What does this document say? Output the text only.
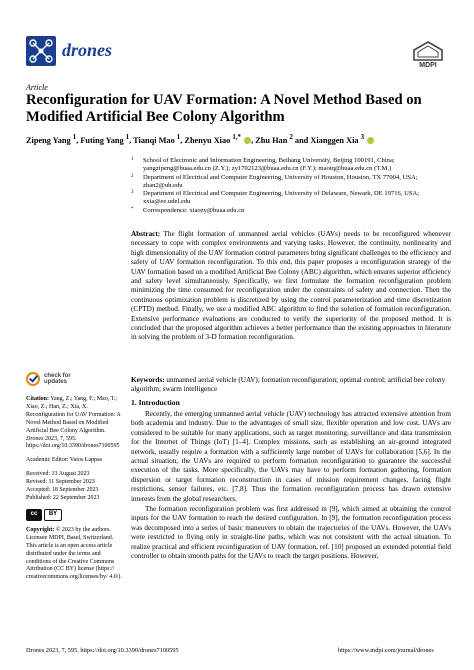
drones
MDPI
Article
Reconfiguration for UAV Formation: A Novel Method Based on Modified Artificial Bee Colony Algorithm
Zipeng Yang $^1$, Futing Yang $^1$, Tianqi Mao $^1$, Zhenyu Xiao $^{1,*}$ , Zhu Han $^2$ and Xianggen Xia $^3$
1 School of Electronic and Information Engineering, Beihang University, Beijing 100191, China; yangzipeng@buaa.edu.cn (Z.Y.); zy1702123@buaa.edu.cn (F.Y.); maotq@buaa.edu.cn (T.M.)
2 Department of Electrical and Computer Engineering, University of Houston, Houston, TX 77004, USA; zhan2@uh.edu
3 Department of Electrical and Computer Engineering, University of Delaware, Newark, DE 19716, USA; xxia@ee.udel.edu
* Correspondence: xiaozy@buaa.edu.cn
Abstract: The flight formation of unmanned aerial vehicles (UAVs) needs to be reconfigured whenever necessary to cope with complex environments and varying tasks. However, the continuity, nonlinearity and high dimensionality of the UAV formation control parameters bring significant challenges to the efficiency and safety of UAV formation reconfiguration. To this end, this paper proposes a reconfiguration strategy of the UAV formation based on a modified Artificial Bee Colony (ABC) algorithm, which ensures superior efficiency and safety level simultaneously. Specifically, we first formulate the formation reconfiguration problem minimizing the time consumed for reconfiguration under the constraints of safety and connection. Then the continuous optimization problem is discretized by using the control parameterization and time discretization (CPTD) method. Finally, we use a modified ABC algorithm to find the solution of formation reconfiguration. Extensive performance evaluations are conducted to verify the superiority of the proposed method. It is concluded that the proposed algorithm achieves a better performance than the existing approaches in literature in solving the problem of 3-D formation reconfiguration.
Keywords: unmanned aerial vehicle (UAV); formation reconfiguration; optimal control; artificial bee colony algorithm; swarm intelligence
check for
updates
Citation: Yang, Z.; Yang, F.; Mao, T.; Xiao, Z.; Han, Z.; Xia, X. Reconfiguration for UAV Formation: A Novel Method Based on Modified Artificial Bee Colony Algorithm. Drones 2023, 7, 595. https://doi.org/10.3390/drones7100595
Academic Editor: Vaios Lappas
Received: 13 August 2023
Revised: 11 September 2023
Accepted: 18 September 2023
Published: 22 September 2023
cc	BY
Copyright: © 2023 by the authors. Licensee MDPI, Basel, Switzerland. This article is an open access article distributed under the terms and conditions of the Creative Commons Attribution (CC BY) license (https:// creativecommons.org/licenses/by/ 4.0/).
1. Introduction

Recently, the emerging unmanned aerial vehicle (UAV) technology has attracted extensive attention from both academia and industry. Due to the advantages of small size, flexible operation and low cost, UAVs are considered to be suitable for many applications, such as target monitoring, surveillance and data transmission for the Internet of Things (IoT) [1–4]. Complex missions, such as establishing an air-ground integrated network, usually require a formation with a sufficiently large number of UAVs for collaboration [5,6]. In the actual situation, the UAVs are required to perform formation reconfiguration to guarantee the successful execution of the tasks. More specifically, the UAVs may have to perform formation gathering, formation dispersion or target formation reconstruction in cases of mission requirement changes, facing flight restrictions, sensor failures, etc. [7,8]. Thus the formation reconfiguration process has drawn extensive interests from the global researchers.

The formation reconfiguration problem was first addressed in [9], which aimed at obtaining the control inputs for the UAV formation to reach the desired configuration. In [9], the formation reconfiguration process was decomposed into a series of basic maneuvers to obtain the trajectories of the UAVs. However, the UAVs were restricted to flying only in straight-line paths, which was not consistent with the actual situation. To realize practical and efficient reconfiguration of UAV formation, ref. [10] proposed an extended potential field controller to obtain smooth paths for the UAVs to reach the target positions. However,

Drones 2023, 7, 595. https://doi.org/10.3390/drones7100595	https://www.mdpi.com/journal/drones
